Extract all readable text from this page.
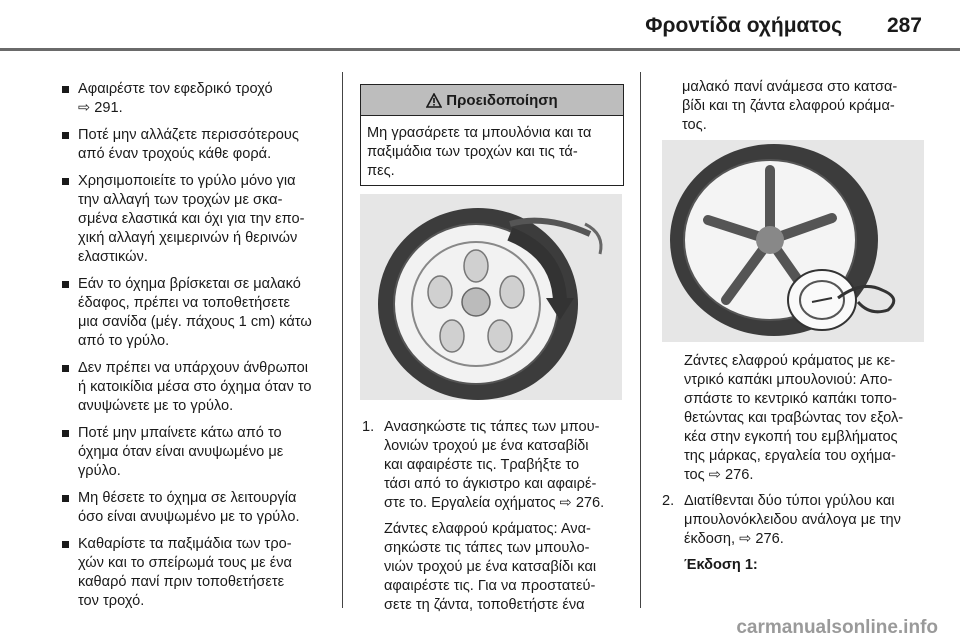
Φροντίδα οχήματος 287
Αφαιρέστε τον εφεδρικό τροχό
⇨ 291.
Ποτέ μην αλλάζετε περισσότερους
από έναν τροχούς κάθε φορά.
Χρησιμοποιείτε το γρύλο μόνο για
την αλλαγή των τροχών με σκα-
σμένα ελαστικά και όχι για την επο-
χική αλλαγή χειμερινών ή θερινών
ελαστικών.
Εάν το όχημα βρίσκεται σε μαλακό
έδαφος, πρέπει να τοποθετήσετε
μια σανίδα (μέγ. πάχους 1 cm) κάτω
από το γρύλο.
Δεν πρέπει να υπάρχουν άνθρωποι
ή κατοικίδια μέσα στο όχημα όταν το
ανυψώνετε με το γρύλο.
Ποτέ μην μπαίνετε κάτω από το
όχημα όταν είναι ανυψωμένο με
γρύλο.
Μη θέσετε το όχημα σε λειτουργία
όσο είναι ανυψωμένο με το γρύλο.
Καθαρίστε τα παξιμάδια των τρο-
χών και το σπείρωμά τους με ένα
καθαρό πανί πριν τοποθετήσετε
τον τροχό.
Προειδοποίηση
Μη γρασάρετε τα μπουλόνια και τα
παξιμάδια των τροχών και τις τά-
πες.
1. Ανασηκώστε τις τάπες των μπου-
λονιών τροχού με ένα κατσαβίδι
και αφαιρέστε τις. Τραβήξτε το
τάσι από το άγκιστρο και αφαιρέ-
στε το. Εργαλεία οχήματος ⇨ 276.
Ζάντες ελαφρού κράματος: Ανα-
σηκώστε τις τάπες των μπουλο-
νιών τροχού με ένα κατσαβίδι και
αφαιρέστε τις. Για να προστατεύ-
σετε τη ζάντα, τοποθετήστε ένα
μαλακό πανί ανάμεσα στο κατσα-
βίδι και τη ζάντα ελαφρού κράμα-
τος.
Ζάντες ελαφρού κράματος με κε-
ντρικό καπάκι μπουλονιού: Απο-
σπάστε το κεντρικό καπάκι τοπο-
θετώντας και τραβώντας τον εξολ-
κέα στην εγκοπή του εμβλήματος
της μάρκας, εργαλεία του οχήμα-
τος ⇨ 276.
2. Διατίθενται δύο τύποι γρύλου και
μπουλονόκλειδου ανάλογα με την
έκδοση, ⇨ 276.
Έκδοση 1:
carmanualsonline.info
